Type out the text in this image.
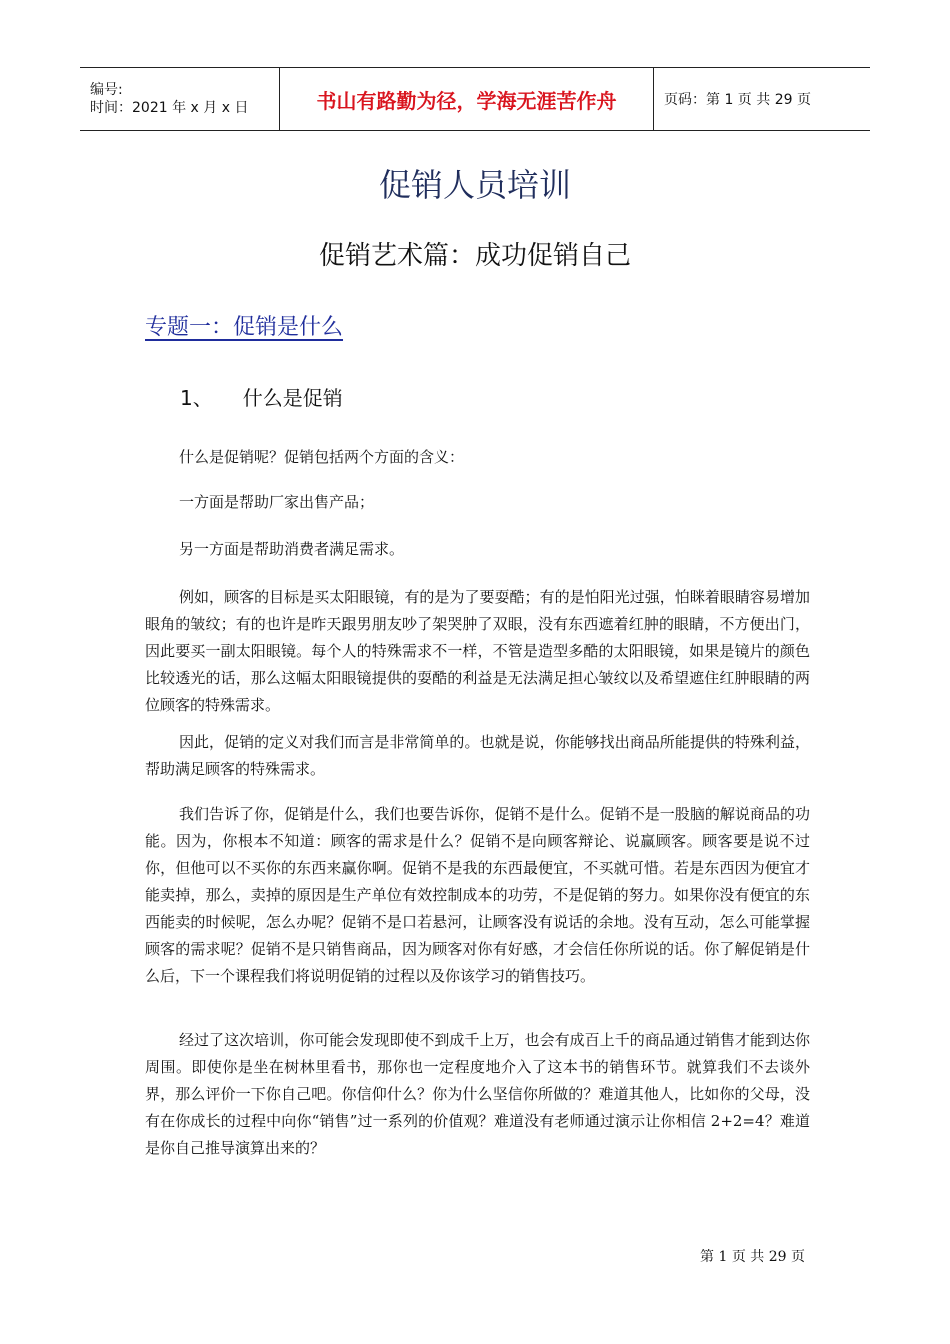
编号:
时间：2021 年 x 月 x 日	书山有路勤为径，学海无涯苦作舟	页码：第 1 页 共 29 页
促销人员培训
促销艺术篇：成功促销自己
专题一：促销是什么
1、 什么是促销
什么是促销呢？促销包括两个方面的含义：
一方面是帮助厂家出售产品；
另一方面是帮助消费者满足需求。
例如，顾客的目标是买太阳眼镜，有的是为了要耍酷；有的是怕阳光过强，怕眯着眼睛容易增加眼角的皱纹；有的也许是昨天跟男朋友吵了架哭肿了双眼，没有东西遮着红肿的眼睛，不方便出门，因此要买一副太阳眼镜。每个人的特殊需求不一样，不管是造型多酷的太阳眼镜，如果是镜片的颜色比较透光的话，那么这幅太阳眼镜提供的耍酷的利益是无法满足担心皱纹以及希望遮住红肿眼睛的两位顾客的特殊需求。
因此，促销的定义对我们而言是非常简单的。也就是说，你能够找出商品所能提供的特殊利益，帮助满足顾客的特殊需求。
我们告诉了你，促销是什么，我们也要告诉你，促销不是什么。促销不是一股脑的解说商品的功能。因为，你根本不知道：顾客的需求是什么？促销不是向顾客辩论、说赢顾客。顾客要是说不过你，但他可以不买你的东西来赢你啊。促销不是我的东西最便宜，不买就可惜。若是东西因为便宜才能卖掉，那么，卖掉的原因是生产单位有效控制成本的功劳，不是促销的努力。如果你没有便宜的东西能卖的时候呢，怎么办呢？促销不是口若悬河，让顾客没有说话的余地。没有互动，怎么可能掌握顾客的需求呢？促销不是只销售商品，因为顾客对你有好感，才会信任你所说的话。你了解促销是什么后，下一个课程我们将说明促销的过程以及你该学习的销售技巧。
经过了这次培训，你可能会发现即使不到成千上万，也会有成百上千的商品通过销售才能到达你周围。即使你是坐在树林里看书，那你也一定程度地介入了这本书的销售环节。就算我们不去谈外界，那么评价一下你自己吧。你信仰什么？你为什么坚信你所做的？难道其他人，比如你的父母，没有在你成长的过程中向你“销售”过一系列的价值观？难道没有老师通过演示让你相信 2+2=4？难道是你自己推导演算出来的？
第 1 页 共 29 页
